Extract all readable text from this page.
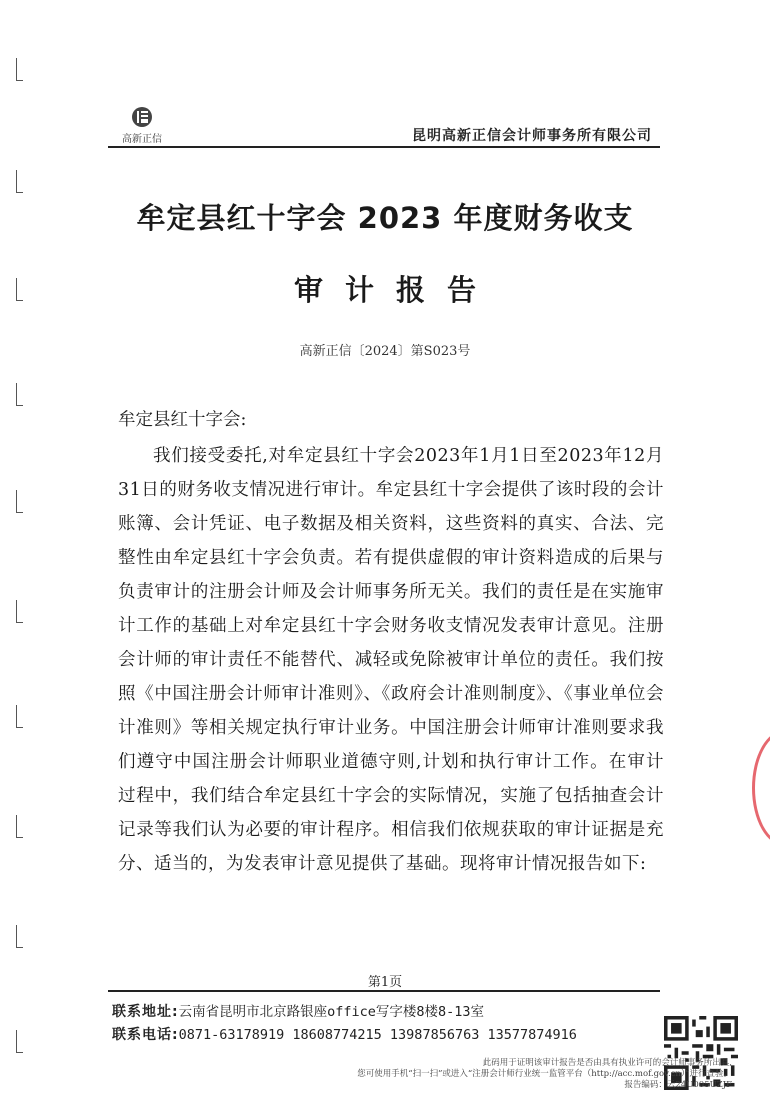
高新正信	昆明高新正信会计师事务所有限公司
牟定县红十字会 2023 年度财务收支
审计报告
高新正信〔2024〕第S023号
牟定县红十字会:

我们接受委托,对牟定县红十字会2023年1月1日至2023年12月31日的财务收支情况进行审计。牟定县红十字会提供了该时段的会计账簿、会计凭证、电子数据及相关资料，这些资料的真实、合法、完整性由牟定县红十字会负责。若有提供虚假的审计资料造成的后果与负责审计的注册会计师及会计师事务所无关。我们的责任是在实施审计工作的基础上对牟定县红十字会财务收支情况发表审计意见。注册会计师的审计责任不能替代、减轻或免除被审计单位的责任。我们按照《中国注册会计师审计准则》、《政府会计准则制度》、《事业单位会计准则》等相关规定执行审计业务。中国注册会计师审计准则要求我们遵守中国注册会计师职业道德守则,计划和执行审计工作。在审计过程中，我们结合牟定县红十字会的实际情况，实施了包括抽查会计记录等我们认为必要的审计程序。相信我们依规获取的审计证据是充分、适当的，为发表审计意见提供了基础。现将审计情况报告如下:

第1页
联系地址:云南省昆明市北京路银座office写字楼8楼8-13室
联系电话:0871-63178919 18608774215 13987856763 13577874916
此码用于证明该审计报告是否由具有执业许可的会计师事务所出具,
您可使用手机“扫一扫”或进入“注册会计师行业统一监管平台（http://acc.mof.gov.cn）”进行查验。
报告编码：云24U005UZJF
